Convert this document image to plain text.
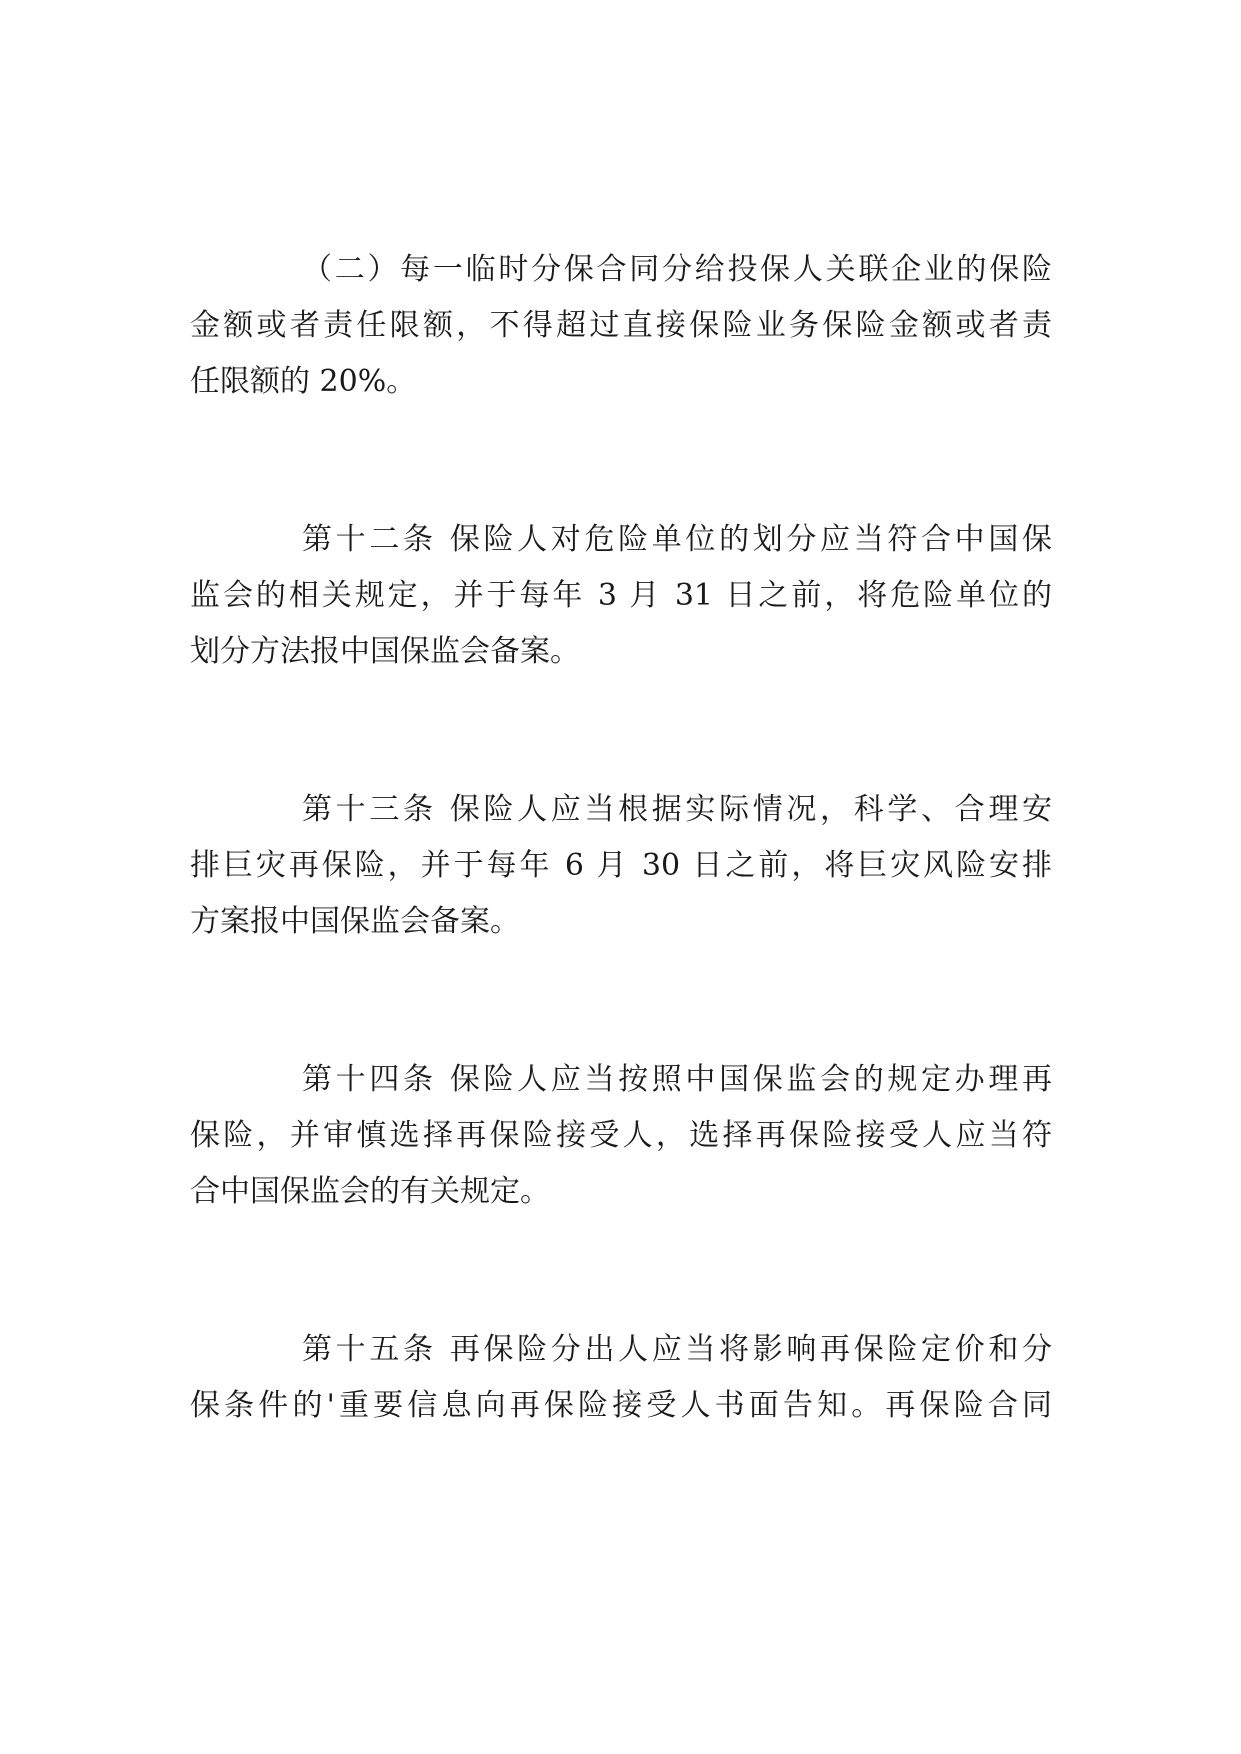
（二）每一临时分保合同分给投保人关联企业的保险
金额或者责任限额，不得超过直接保险业务保险金额或者责
任限额的 20%。
第十二条 保险人对危险单位的划分应当符合中国保
监会的相关规定，并于每年 3 月 31 日之前，将危险单位的
划分方法报中国保监会备案。
第十三条 保险人应当根据实际情况，科学、合理安
排巨灾再保险，并于每年 6 月 30 日之前，将巨灾风险安排
方案报中国保监会备案。
第十四条 保险人应当按照中国保监会的规定办理再
保险，并审慎选择再保险接受人，选择再保险接受人应当符
合中国保监会的有关规定。
第十五条 再保险分出人应当将影响再保险定价和分
保条件的'重要信息向再保险接受人书面告知。再保险合同
